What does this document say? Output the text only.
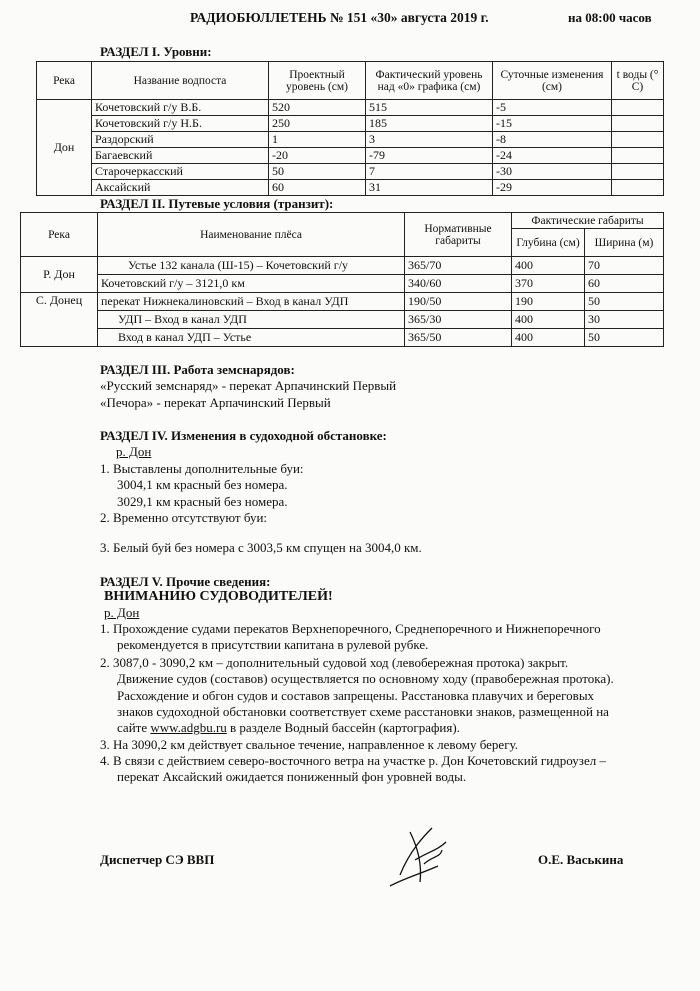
РАДИОБЮЛЛЕТЕНЬ № 151 «30» августа 2019 г.	на 08:00 часов
РАЗДЕЛ I. Уровни:
Река	Название водпоста	Проектный уровень (см)	Фактический уровень над «0» графика (см)	Суточные изменения (см)	t воды (° С)
Дон	Кочетовский г/у В.Б.	520	515	-5	
	Кочетовский г/у Н.Б.	250	185	-15	
	Раздорский	1	3	-8	
	Багаевский	-20	-79	-24	
	Старочеркасский	50	7	-30	
	Аксайский	60	31	-29	
РАЗДЕЛ II. Путевые условия (транзит):
Река	Наименование плёса	Нормативные габариты	Фактические габариты	
			Глубина (см)	Ширина (м)
Р. Дон	Устье 132 канала (Ш-15) – Кочетовский г/у	365/70	400	70
	Кочетовский г/у – 3121,0 км	340/60	370	60
С. Донец	перекат Нижнекалиновский – Вход в канал УДП	190/50	190	50
	УДП – Вход в канал УДП	365/30	400	30
	Вход в канал УДП – Устье	365/50	400	50
РАЗДЕЛ III. Работа земснарядов:
«Русский земснаряд» - перекат Арпачинский Первый
«Печора» - перекат Арпачинский Первый
РАЗДЕЛ IV. Изменения в судоходной обстановке:
р. Дон
1. Выставлены дополнительные буи:
3004,1 км красный без номера.
3029,1 км красный без номера.
2. Временно отсутствуют буи:
3. Белый буй без номера с 3003,5 км спущен на 3004,0 км.
РАЗДЕЛ V. Прочие сведения:
ВНИМАНИЮ СУДОВОДИТЕЛЕЙ!
р. Дон
1. Прохождение судами перекатов Верхнепоречного, Среднепоречного и Нижнепоречного
рекомендуется в присутствии капитана в рулевой рубке.
2. 3087,0 - 3090,2 км – дополнительный судовой ход (левобережная протока) закрыт.
Движение судов (составов) осуществляется по основному ходу (правобережная протока).
Расхождение и обгон судов и составов запрещены. Расстановка плавучих и береговых
знаков судоходной обстановки соответствует схеме расстановки знаков, размещенной на
сайте www.adgbu.ru в разделе Водный бассейн (картография).
3. На 3090,2 км действует свальное течение, направленное к левому берегу.
4. В связи с действием северо-восточного ветра на участке р. Дон Кочетовский гидроузел –
перекат Аксайский ожидается пониженный фон уровней воды.
Диспетчер СЭ ВВП	О.Е. Васькина
